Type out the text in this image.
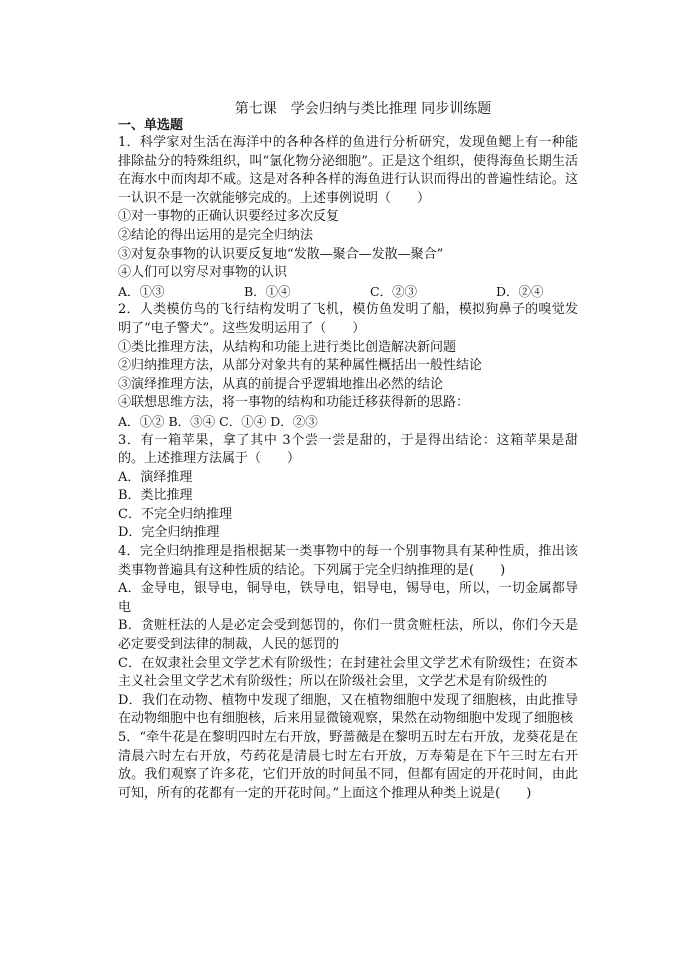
第七课　学会归纳与类比推理 同步训练题

一、单选题

1．科学家对生活在海洋中的各种各样的鱼进行分析研究，发现鱼鳃上有一种能排除盐分的特殊组织，叫“氯化物分泌细胞”。正是这个组织，使得海鱼长期生活在海水中而肉却不咸。这是对各种各样的海鱼进行认识而得出的普遍性结论。这一认识不是一次就能够完成的。上述事例说明（　　）

①对一事物的正确认识要经过多次反复

②结论的得出运用的是完全归纳法

③对复杂事物的认识要反复地“发散—聚合—发散—聚合”

④人们可以穷尽对事物的认识

A．①③	B．①④	C．②③	D．②④

2．人类模仿鸟的飞行结构发明了飞机，模仿鱼发明了船，模拟狗鼻子的嗅觉发明了“电子警犬”。这些发明运用了（　　）

①类比推理方法，从结构和功能上进行类比创造解决新问题

②归纳推理方法，从部分对象共有的某种属性概括出一般性结论

③演绎推理方法，从真的前提合乎逻辑地推出必然的结论

④联想思维方法，将一事物的结构和功能迁移获得新的思路：

A．①② B．③④ C．①④ D．②③

3．有一箱苹果，拿了其中 3个尝一尝是甜的，于是得出结论：这箱苹果是甜的。上述推理方法属于（　　）

A．演绎推理

B．类比推理

C．不完全归纳推理

D．完全归纳推理

4．完全归纳推理是指根据某一类事物中的每一个别事物具有某种性质，推出该类事物普遍具有这种性质的结论。下列属于完全归纳推理的是(　　)

A．金导电，银导电，铜导电，铁导电，铝导电，锡导电，所以，一切金属都导电

B．贪赃枉法的人是必定会受到惩罚的，你们一贯贪赃枉法，所以，你们今天是必定要受到法律的制裁，人民的惩罚的

C．在奴隶社会里文学艺术有阶级性；在封建社会里文学艺术有阶级性；在资本主义社会里文学艺术有阶级性；所以在阶级社会里，文学艺术是有阶级性的

D．我们在动物、植物中发现了细胞，又在植物细胞中发现了细胞核，由此推导在动物细胞中也有细胞核，后来用显微镜观察，果然在动物细胞中发现了细胞核

5．“牵牛花是在黎明四时左右开放，野蔷薇是在黎明五时左右开放，龙葵花是在清晨六时左右开放，芍药花是清晨七时左右开放，万寿菊是在下午三时左右开放。我们观察了许多花，它们开放的时间虽不同，但都有固定的开花时间，由此可知，所有的花都有一定的开花时间。”上面这个推理从种类上说是(　　)
